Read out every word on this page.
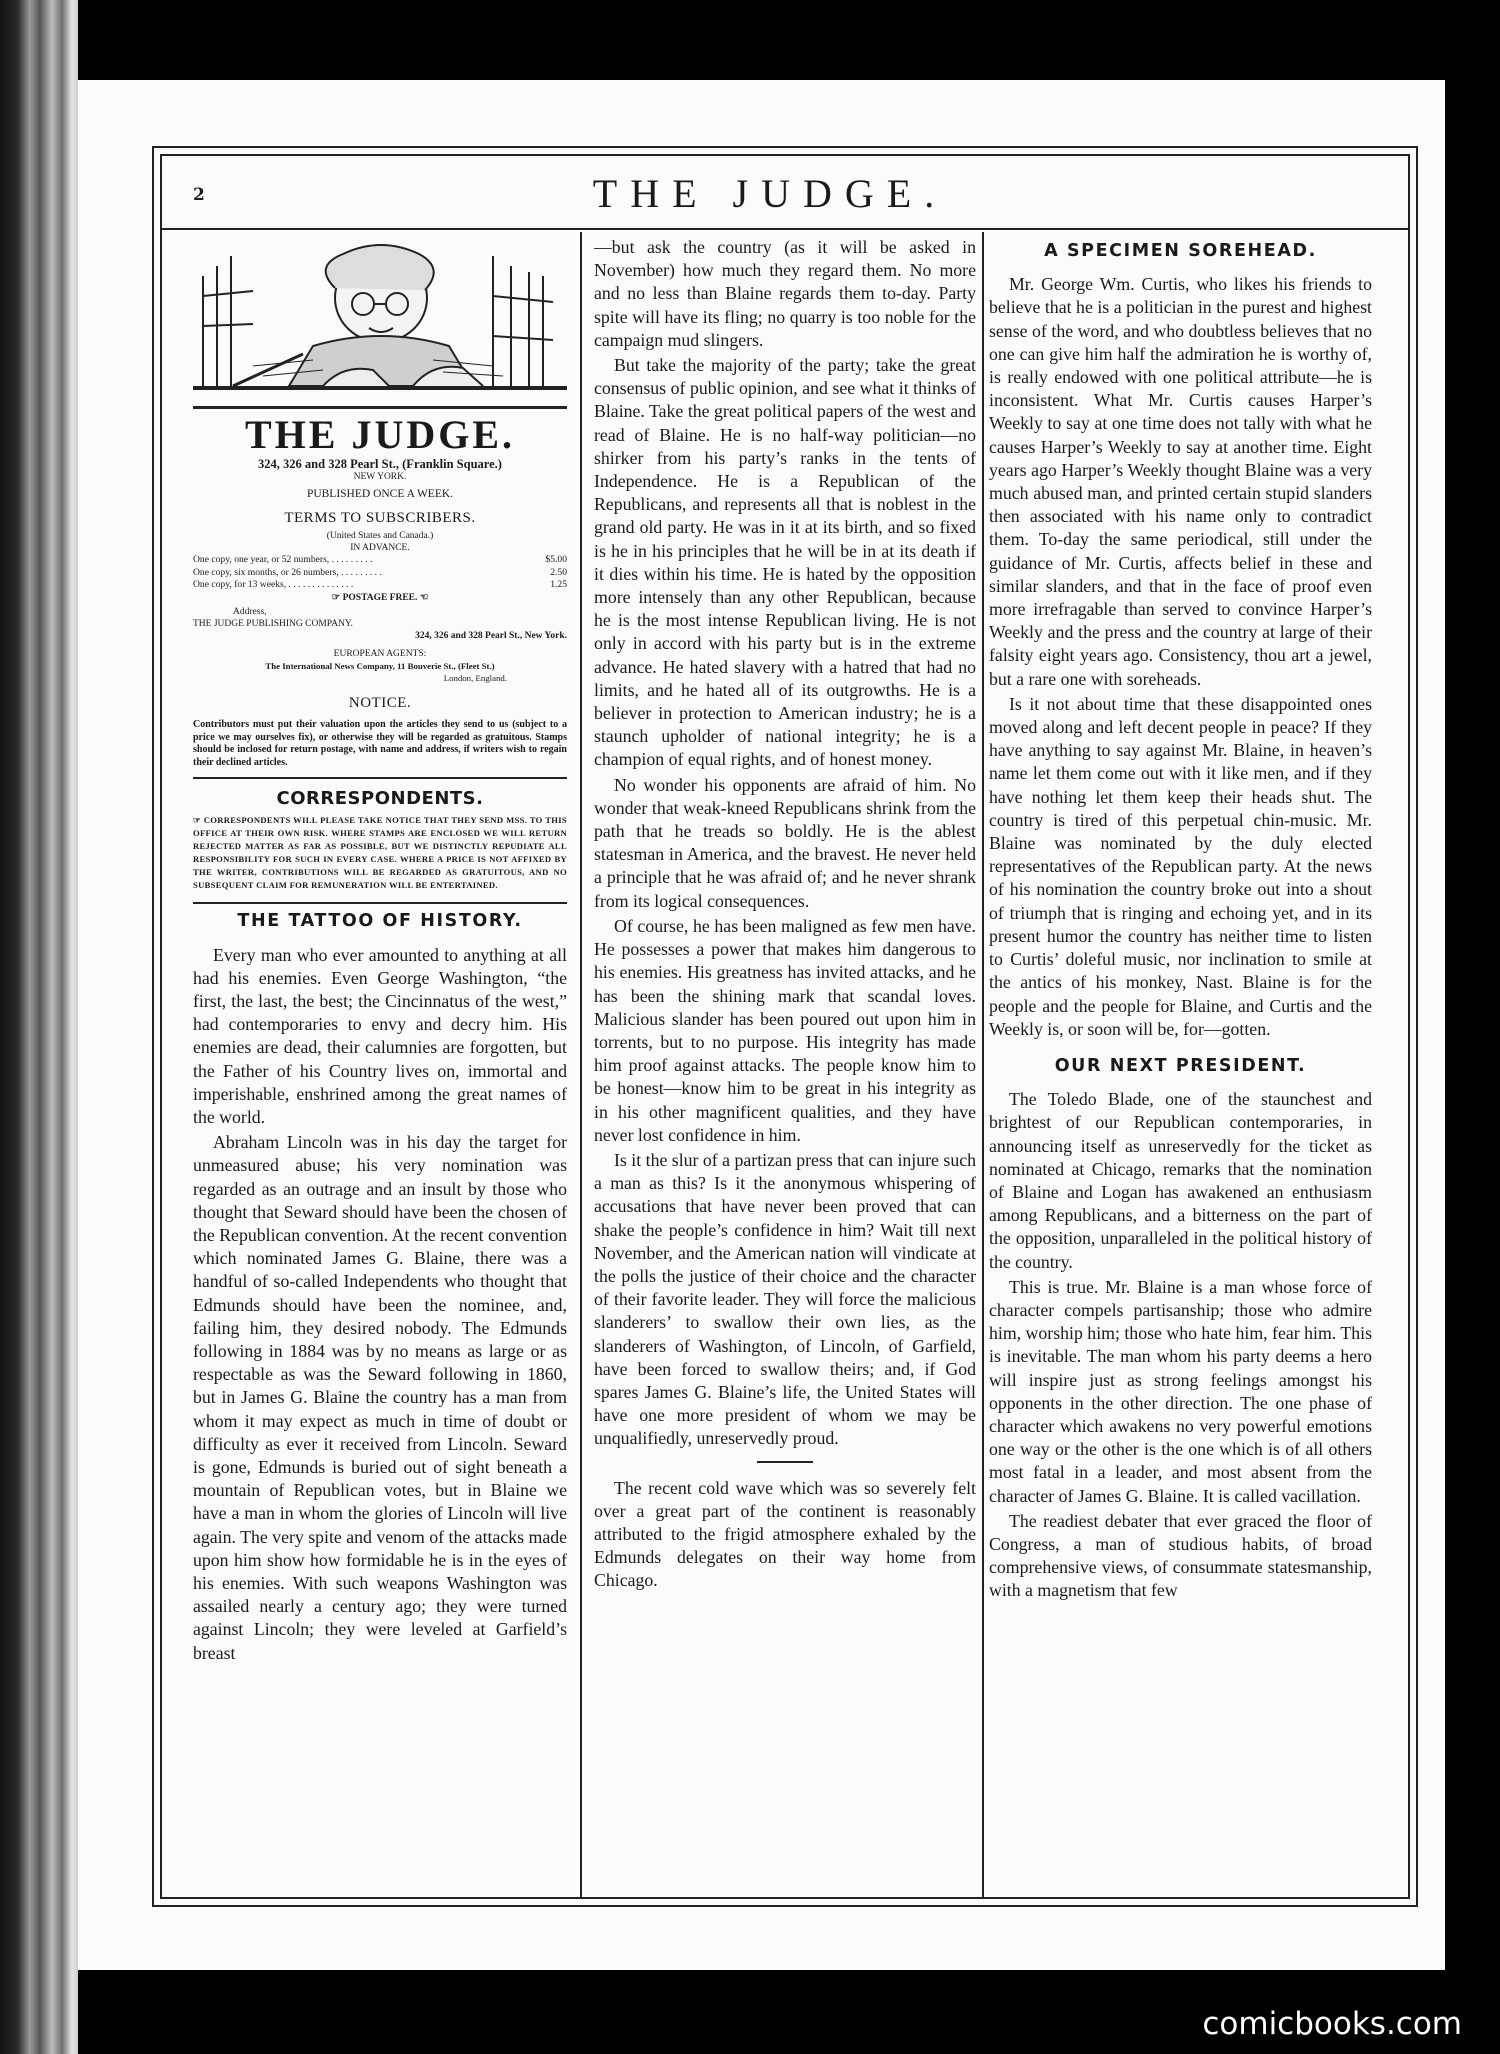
2	THE JUDGE.
THE JUDGE.
324, 326 and 328 Pearl St., (Franklin Square.)
NEW YORK.
PUBLISHED ONCE A WEEK.
TERMS TO SUBSCRIBERS.
(United States and Canada.)
IN ADVANCE.
One copy, one year, or 52 numbers, . . . . . . . . .	$5.00
One copy, six months, or 26 numbers, . . . . . . . . .	2.50
One copy, for 13 weeks, . . . . . . . . . . . . . .	1.25
☞ POSTAGE FREE. ☜
Address,
THE JUDGE PUBLISHING COMPANY.
324, 326 and 328 Pearl St., New York.
EUROPEAN AGENTS:
The International News Company, 11 Bouverie St., (Fleet St.)
London, England.
NOTICE.
Contributors must put their valuation upon the articles they send to us (subject to a price we may ourselves fix), or otherwise they will be regarded as gratuitous. Stamps should be inclosed for return postage, with name and address, if writers wish to regain their declined articles.
CORRESPONDENTS.
☞ CORRESPONDENTS WILL PLEASE TAKE NOTICE THAT THEY SEND MSS. TO THIS OFFICE AT THEIR OWN RISK. WHERE STAMPS ARE ENCLOSED WE WILL RETURN REJECTED MATTER AS FAR AS POSSIBLE, BUT WE DISTINCTLY REPUDIATE ALL RESPONSIBILITY FOR SUCH IN EVERY CASE. WHERE A PRICE IS NOT AFFIXED BY THE WRITER, CONTRIBUTIONS WILL BE REGARDED AS GRATUITOUS, AND NO SUBSEQUENT CLAIM FOR REMUNERATION WILL BE ENTERTAINED.
THE TATTOO OF HISTORY.

Every man who ever amounted to anything at all had his enemies. Even George Washington, “the first, the last, the best; the Cincinnatus of the west,” had contemporaries to envy and decry him. His enemies are dead, their calumnies are forgotten, but the Father of his Country lives on, immortal and imperishable, enshrined among the great names of the world.

Abraham Lincoln was in his day the target for unmeasured abuse; his very nomination was regarded as an outrage and an insult by those who thought that Seward should have been the chosen of the Republican convention. At the recent convention which nominated James G. Blaine, there was a handful of so-called Independents who thought that Edmunds should have been the nominee, and, failing him, they desired nobody. The Edmunds following in 1884 was by no means as large or as respectable as was the Seward following in 1860, but in James G. Blaine the country has a man from whom it may expect as much in time of doubt or difficulty as ever it received from Lincoln. Seward is gone, Edmunds is buried out of sight beneath a mountain of Republican votes, but in Blaine we have a man in whom the glories of Lincoln will live again. The very spite and venom of the attacks made upon him show how formidable he is in the eyes of his enemies. With such weapons Washington was assailed nearly a century ago; they were turned against Lincoln; they were leveled at Garfield’s breast

—but ask the country (as it will be asked in November) how much they regard them. No more and no less than Blaine regards them to-day. Party spite will have its fling; no quarry is too noble for the campaign mud slingers.

But take the majority of the party; take the great consensus of public opinion, and see what it thinks of Blaine. Take the great political papers of the west and read of Blaine. He is no half-way politician—no shirker from his party’s ranks in the tents of Independence. He is a Republican of the Republicans, and represents all that is noblest in the grand old party. He was in it at its birth, and so fixed is he in his principles that he will be in at its death if it dies within his time. He is hated by the opposition more intensely than any other Republican, because he is the most intense Republican living. He is not only in accord with his party but is in the extreme advance. He hated slavery with a hatred that had no limits, and he hated all of its outgrowths. He is a believer in protection to American industry; he is a staunch upholder of national integrity; he is a champion of equal rights, and of honest money.

No wonder his opponents are afraid of him. No wonder that weak-kneed Republicans shrink from the path that he treads so boldly. He is the ablest statesman in America, and the bravest. He never held a principle that he was afraid of; and he never shrank from its logical consequences.

Of course, he has been maligned as few men have. He possesses a power that makes him dangerous to his enemies. His greatness has invited attacks, and he has been the shining mark that scandal loves. Malicious slander has been poured out upon him in torrents, but to no purpose. His integrity has made him proof against attacks. The people know him to be honest—know him to be great in his integrity as in his other magnificent qualities, and they have never lost confidence in him.

Is it the slur of a partizan press that can injure such a man as this? Is it the anonymous whispering of accusations that have never been proved that can shake the people’s confidence in him? Wait till next November, and the American nation will vindicate at the polls the justice of their choice and the character of their favorite leader. They will force the malicious slanderers’ to swallow their own lies, as the slanderers of Washington, of Lincoln, of Garfield, have been forced to swallow theirs; and, if God spares James G. Blaine’s life, the United States will have one more president of whom we may be unqualifiedly, unreservedly proud.

The recent cold wave which was so severely felt over a great part of the continent is reasonably attributed to the frigid atmosphere exhaled by the Edmunds delegates on their way home from Chicago.

A SPECIMEN SOREHEAD.

Mr. George Wm. Curtis, who likes his friends to believe that he is a politician in the purest and highest sense of the word, and who doubtless believes that no one can give him half the admiration he is worthy of, is really endowed with one political attribute—he is inconsistent. What Mr. Curtis causes Harper’s Weekly to say at one time does not tally with what he causes Harper’s Weekly to say at another time. Eight years ago Harper’s Weekly thought Blaine was a very much abused man, and printed certain stupid slanders then associated with his name only to contradict them. To-day the same periodical, still under the guidance of Mr. Curtis, affects belief in these and similar slanders, and that in the face of proof even more irrefragable than served to convince Harper’s Weekly and the press and the country at large of their falsity eight years ago. Consistency, thou art a jewel, but a rare one with soreheads.

Is it not about time that these disappointed ones moved along and left decent people in peace? If they have anything to say against Mr. Blaine, in heaven’s name let them come out with it like men, and if they have nothing let them keep their heads shut. The country is tired of this perpetual chin-music. Mr. Blaine was nominated by the duly elected representatives of the Republican party. At the news of his nomination the country broke out into a shout of triumph that is ringing and echoing yet, and in its present humor the country has neither time to listen to Curtis’ doleful music, nor inclination to smile at the antics of his monkey, Nast. Blaine is for the people and the people for Blaine, and Curtis and the Weekly is, or soon will be, for—gotten.

OUR NEXT PRESIDENT.

The Toledo Blade, one of the staunchest and brightest of our Republican contemporaries, in announcing itself as unreservedly for the ticket as nominated at Chicago, remarks that the nomination of Blaine and Logan has awakened an enthusiasm among Republicans, and a bitterness on the part of the opposition, unparalleled in the political history of the country.

This is true. Mr. Blaine is a man whose force of character compels partisanship; those who admire him, worship him; those who hate him, fear him. This is inevitable. The man whom his party deems a hero will inspire just as strong feelings amongst his opponents in the other direction. The one phase of character which awakens no very powerful emotions one way or the other is the one which is of all others most fatal in a leader, and most absent from the character of James G. Blaine. It is called vacillation.

The readiest debater that ever graced the floor of Congress, a man of studious habits, of broad comprehensive views, of consummate statesmanship, with a magnetism that few

comicbooks.com
